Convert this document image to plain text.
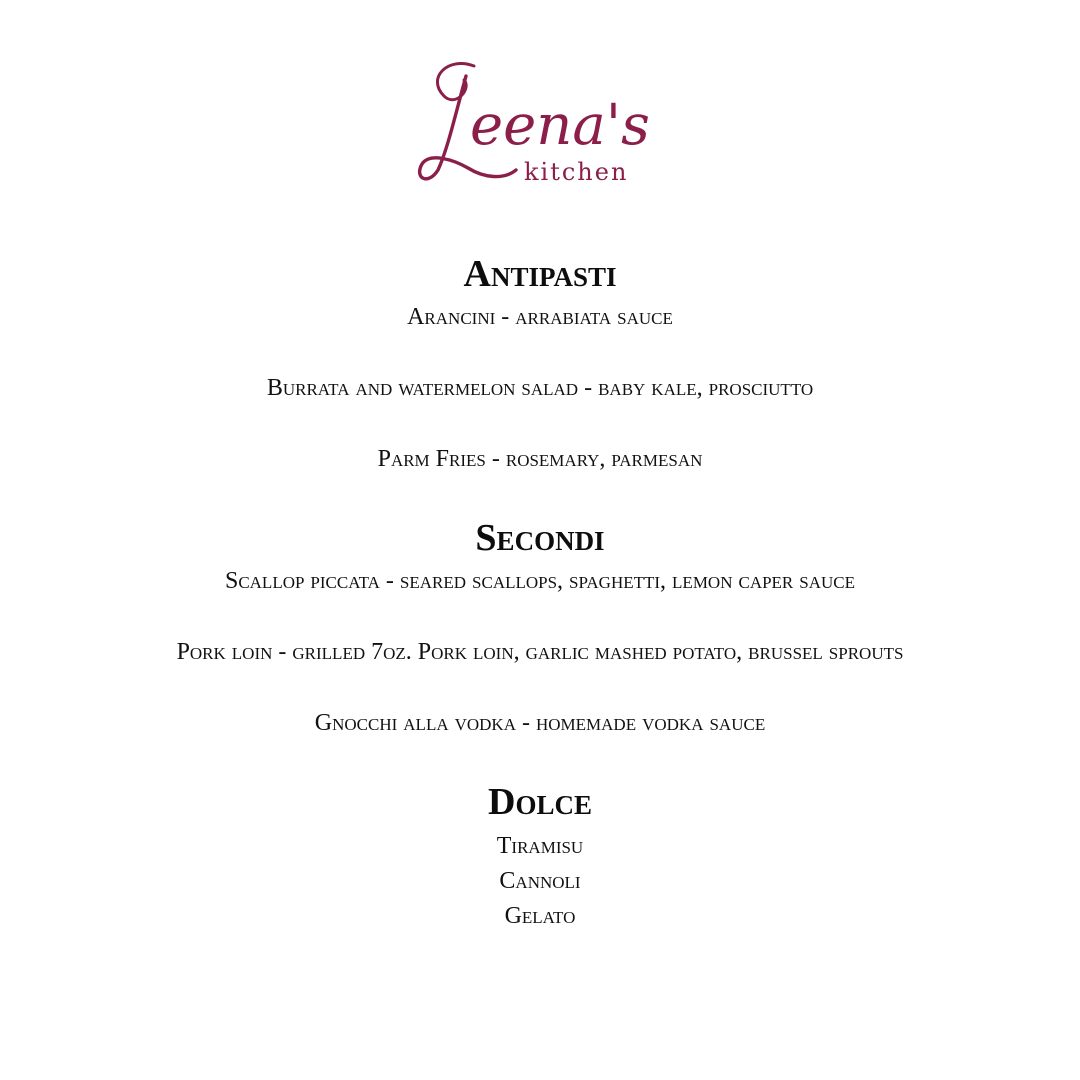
eena's
kitchen
Antipasti

Arancini - arrabiata sauce

Burrata and watermelon salad - baby kale, prosciutto

Parm Fries - rosemary, parmesan

Secondi

Scallop piccata - seared scallops, spaghetti, lemon caper sauce

Pork loin - grilled 7oz. Pork loin, garlic mashed potato, brussel sprouts

Gnocchi alla vodka - homemade vodka sauce

Dolce

Tiramisu

Cannoli

Gelato
